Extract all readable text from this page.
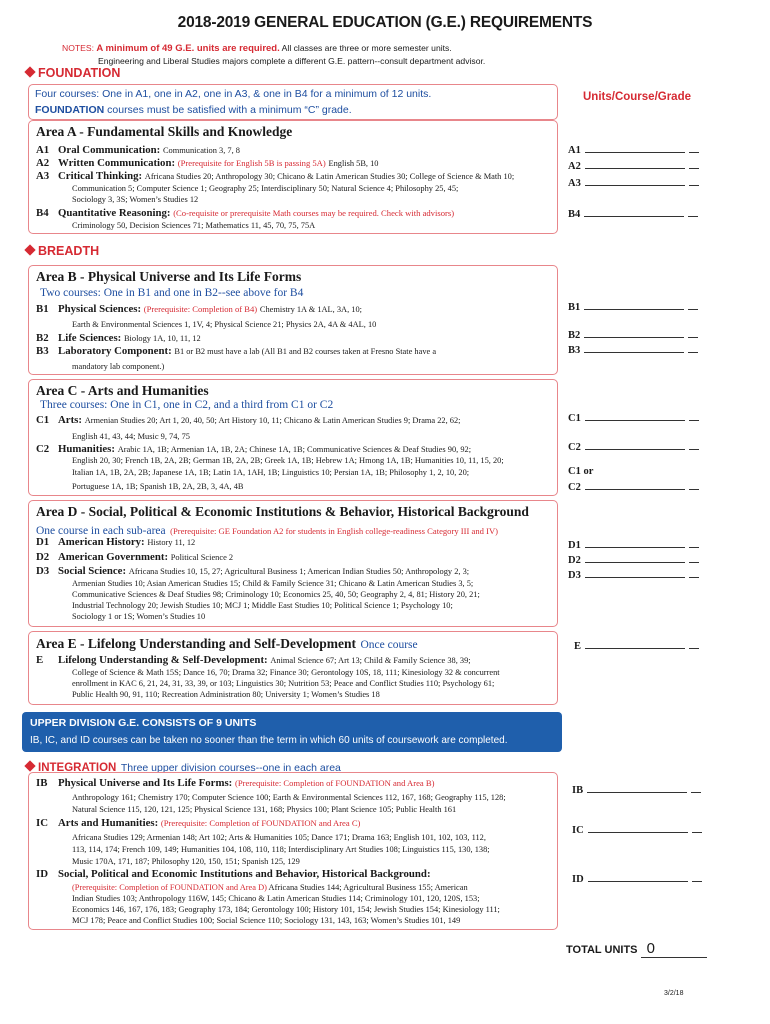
2018-2019 GENERAL EDUCATION (G.E.) REQUIREMENTS
NOTES: A minimum of 49 G.E. units are required. All classes are three or more semester units.
Engineering and Liberal Studies majors complete a different G.E. pattern--consult department advisor.
FOUNDATION
Four courses: One in A1, one in A2, one in A3, & one in B4 for a minimum of 12 units.
FOUNDATION courses must be satisfied with a minimum “C” grade.
Units/Course/Grade
Area A - Fundamental Skills and Knowledge
A1 Oral Communication: Communication 3, 7, 8
A2 Written Communication: (Prerequisite for English 5B is passing 5A) English 5B, 10
A3 Critical Thinking: Africana Studies 20; Anthropology 30; Chicano & Latin American Studies 30; College of Science & Math 10;
Communication 5; Computer Science 1; Geography 25; Interdisciplinary 50; Natural Science 4; Philosophy 25, 45;
Sociology 3, 3S; Women’s Studies 12
B4 Quantitative Reasoning: (Co-requisite or prerequisite Math courses may be required. Check with advisors)
Criminology 50, Decision Sciences 71; Mathematics 11, 45, 70, 75, 75A
A1
A2
A3
B4
BREADTH
Area B - Physical Universe and Its Life Forms
Two courses: One in B1 and one in B2--see above for B4
B1 Physical Sciences: (Prerequisite: Completion of B4) Chemistry 1A & 1AL, 3A, 10;
Earth & Environmental Sciences 1, 1V, 4; Physical Science 21; Physics 2A, 4A & 4AL, 10
B2 Life Sciences: Biology 1A, 10, 11, 12
B3 Laboratory Component: B1 or B2 must have a lab (All B1 and B2 courses taken at Fresno State have a
mandatory lab component.)
B1
B2
B3
Area C - Arts and Humanities
Three courses: One in C1, one in C2, and a third from C1 or C2
C1 Arts: Armenian Studies 20; Art 1, 20, 40, 50; Art History 10, 11; Chicano & Latin American Studies 9; Drama 22, 62;
English 41, 43, 44; Music 9, 74, 75
C2 Humanities: Arabic 1A, 1B; Armenian 1A, 1B, 2A; Chinese 1A, 1B; Communicative Sciences & Deaf Studies 90, 92;
English 20, 30; French 1B, 2A, 2B; German 1B, 2A, 2B; Greek 1A, 1B; Hebrew 1A; Hmong 1A, 1B; Humanities 10, 11, 15, 20;
Italian 1A, 1B, 2A, 2B; Japanese 1A, 1B; Latin 1A, 1AH, 1B; Linguistics 10; Persian 1A, 1B; Philosophy 1, 2, 10, 20;
Portuguese 1A, 1B; Spanish 1B, 2A, 2B, 3, 4A, 4B
C1
C2
C1 or
C2
Area D - Social, Political & Economic Institutions & Behavior, Historical Background
One course in each sub-area (Prerequisite: GE Foundation A2 for students in English college-readiness Category III and IV)
D1 American History: History 11, 12
D2 American Government: Political Science 2
D3 Social Science: Africana Studies 10, 15, 27; Agricultural Business 1; American Indian Studies 50; Anthropology 2, 3;
Armenian Studies 10; Asian American Studies 15; Child & Family Science 31; Chicano & Latin American Studies 3, 5;
Communicative Sciences & Deaf Studies 98; Criminology 10; Economics 25, 40, 50; Geography 2, 4, 81; History 20, 21;
Industrial Technology 20; Jewish Studies 10; MCJ 1; Middle East Studies 10; Political Science 1; Psychology 10;
Sociology 1 or 1S; Women’s Studies 10
D1
D2
D3
Area E - Lifelong Understanding and Self-Development Once course
E Lifelong Understanding & Self-Development: Animal Science 67; Art 13; Child & Family Science 38, 39;
College of Science & Math 15S; Dance 16, 70; Drama 32; Finance 30; Gerontology 10S, 18, 111; Kinesiology 32 & concurrent
enrollment in KAC 6, 21, 24, 31, 33, 39, or 103; Linguistics 30; Nutrition 53; Peace and Conflict Studies 110; Psychology 61;
Public Health 90, 91, 110; Recreation Administration 80; University 1; Women’s Studies 18
E
UPPER DIVISION G.E. CONSISTS OF 9 UNITS
IB, IC, and ID courses can be taken no sooner than the term in which 60 units of coursework are completed.
INTEGRATION Three upper division courses--one in each area
IB Physical Universe and Its Life Forms: (Prerequisite: Completion of FOUNDATION and Area B)
Anthropology 161; Chemistry 170; Computer Science 100; Earth & Environmental Sciences 112, 167, 168; Geography 115, 128;
Natural Science 115, 120, 121, 125; Physical Science 131, 168; Physics 100; Plant Science 105; Public Health 161
IC Arts and Humanities: (Prerequisite: Completion of FOUNDATION and Area C)
Africana Studies 129; Armenian 148; Art 102; Arts & Humanities 105; Dance 171; Drama 163; English 101, 102, 103, 112,
113, 114, 174; French 109, 149; Humanities 104, 108, 110, 118; Interdisciplinary Art Studies 108; Linguistics 115, 130, 138;
Music 170A, 171, 187; Philosophy 120, 150, 151; Spanish 125, 129
ID Social, Political and Economic Institutions and Behavior, Historical Background:
(Prerequisite: Completion of FOUNDATION and Area D) Africana Studies 144; Agricultural Business 155; American
Indian Studies 103; Anthropology 116W, 145; Chicano & Latin American Studies 114; Criminology 101, 120, 120S, 153;
Economics 146, 167, 176, 183; Geography 173, 184; Gerontology 100; History 101, 154; Jewish Studies 154; Kinesiology 111;
MCJ 178; Peace and Conflict Studies 100; Social Science 110; Sociology 131, 143, 163; Women’s Studies 101, 149
IB
IC
ID
TOTAL UNITS 0
3/2/18
